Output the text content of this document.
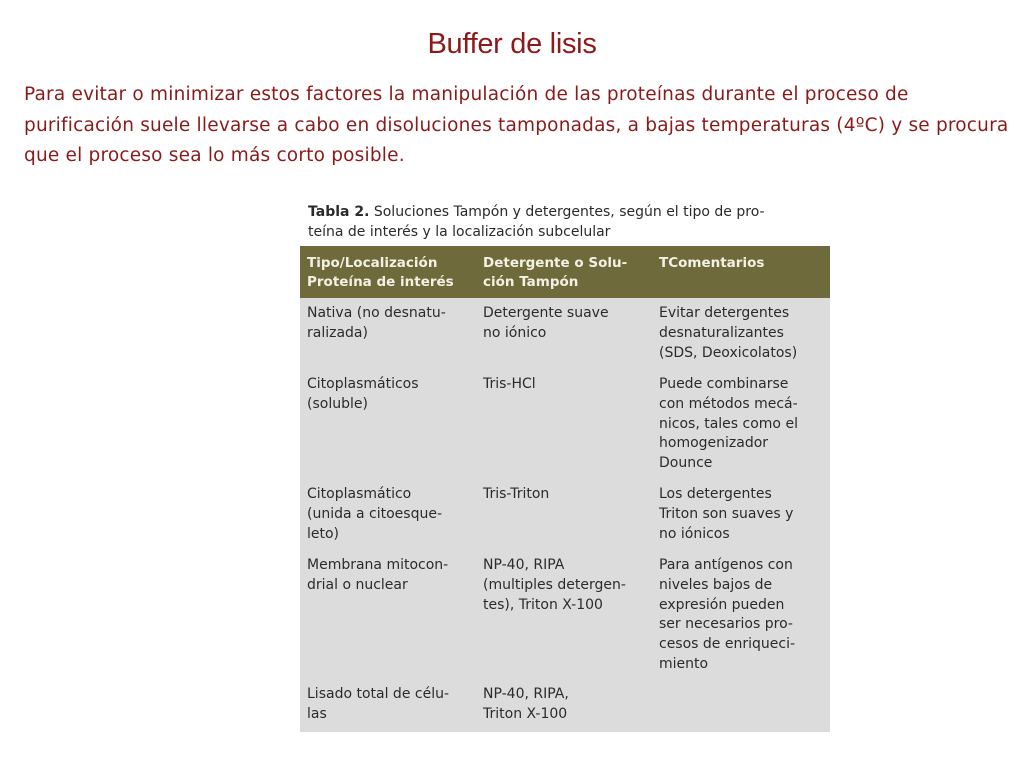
Buffer de lisis
Para evitar o minimizar estos factores la manipulación de las proteínas durante el proceso de purificación suele llevarse a cabo en disoluciones tamponadas, a bajas temperaturas (4ºC) y se procura que el proceso sea lo más corto posible.
Tabla 2. Soluciones Tampón y detergentes, según el tipo de pro-
teína de interés y la localización subcelular
Tipo/Localización
Proteína de interés
Detergente o Solu-
ción Tampón
TComentarios
Nativa (no desnatu-
ralizada)
Detergente suave
no iónico
Evitar detergentes
desnaturalizantes
(SDS, Deoxicolatos)
Citoplasmáticos
(soluble)
Tris-HCl	Puede combinarse
con métodos mecá-
nicos, tales como el
homogenizador
Dounce
Citoplasmático
(unida a citoesque-
leto)
Tris-Triton	Los detergentes
Triton son suaves y
no iónicos
Membrana mitocon-
drial o nuclear
NP-40, RIPA
(multiples detergen-
tes), Triton X-100
Para antígenos con
niveles bajos de
expresión pueden
ser necesarios pro-
cesos de enriqueci-
miento
Lisado total de célu-
las
NP-40, RIPA,
Triton X-100
